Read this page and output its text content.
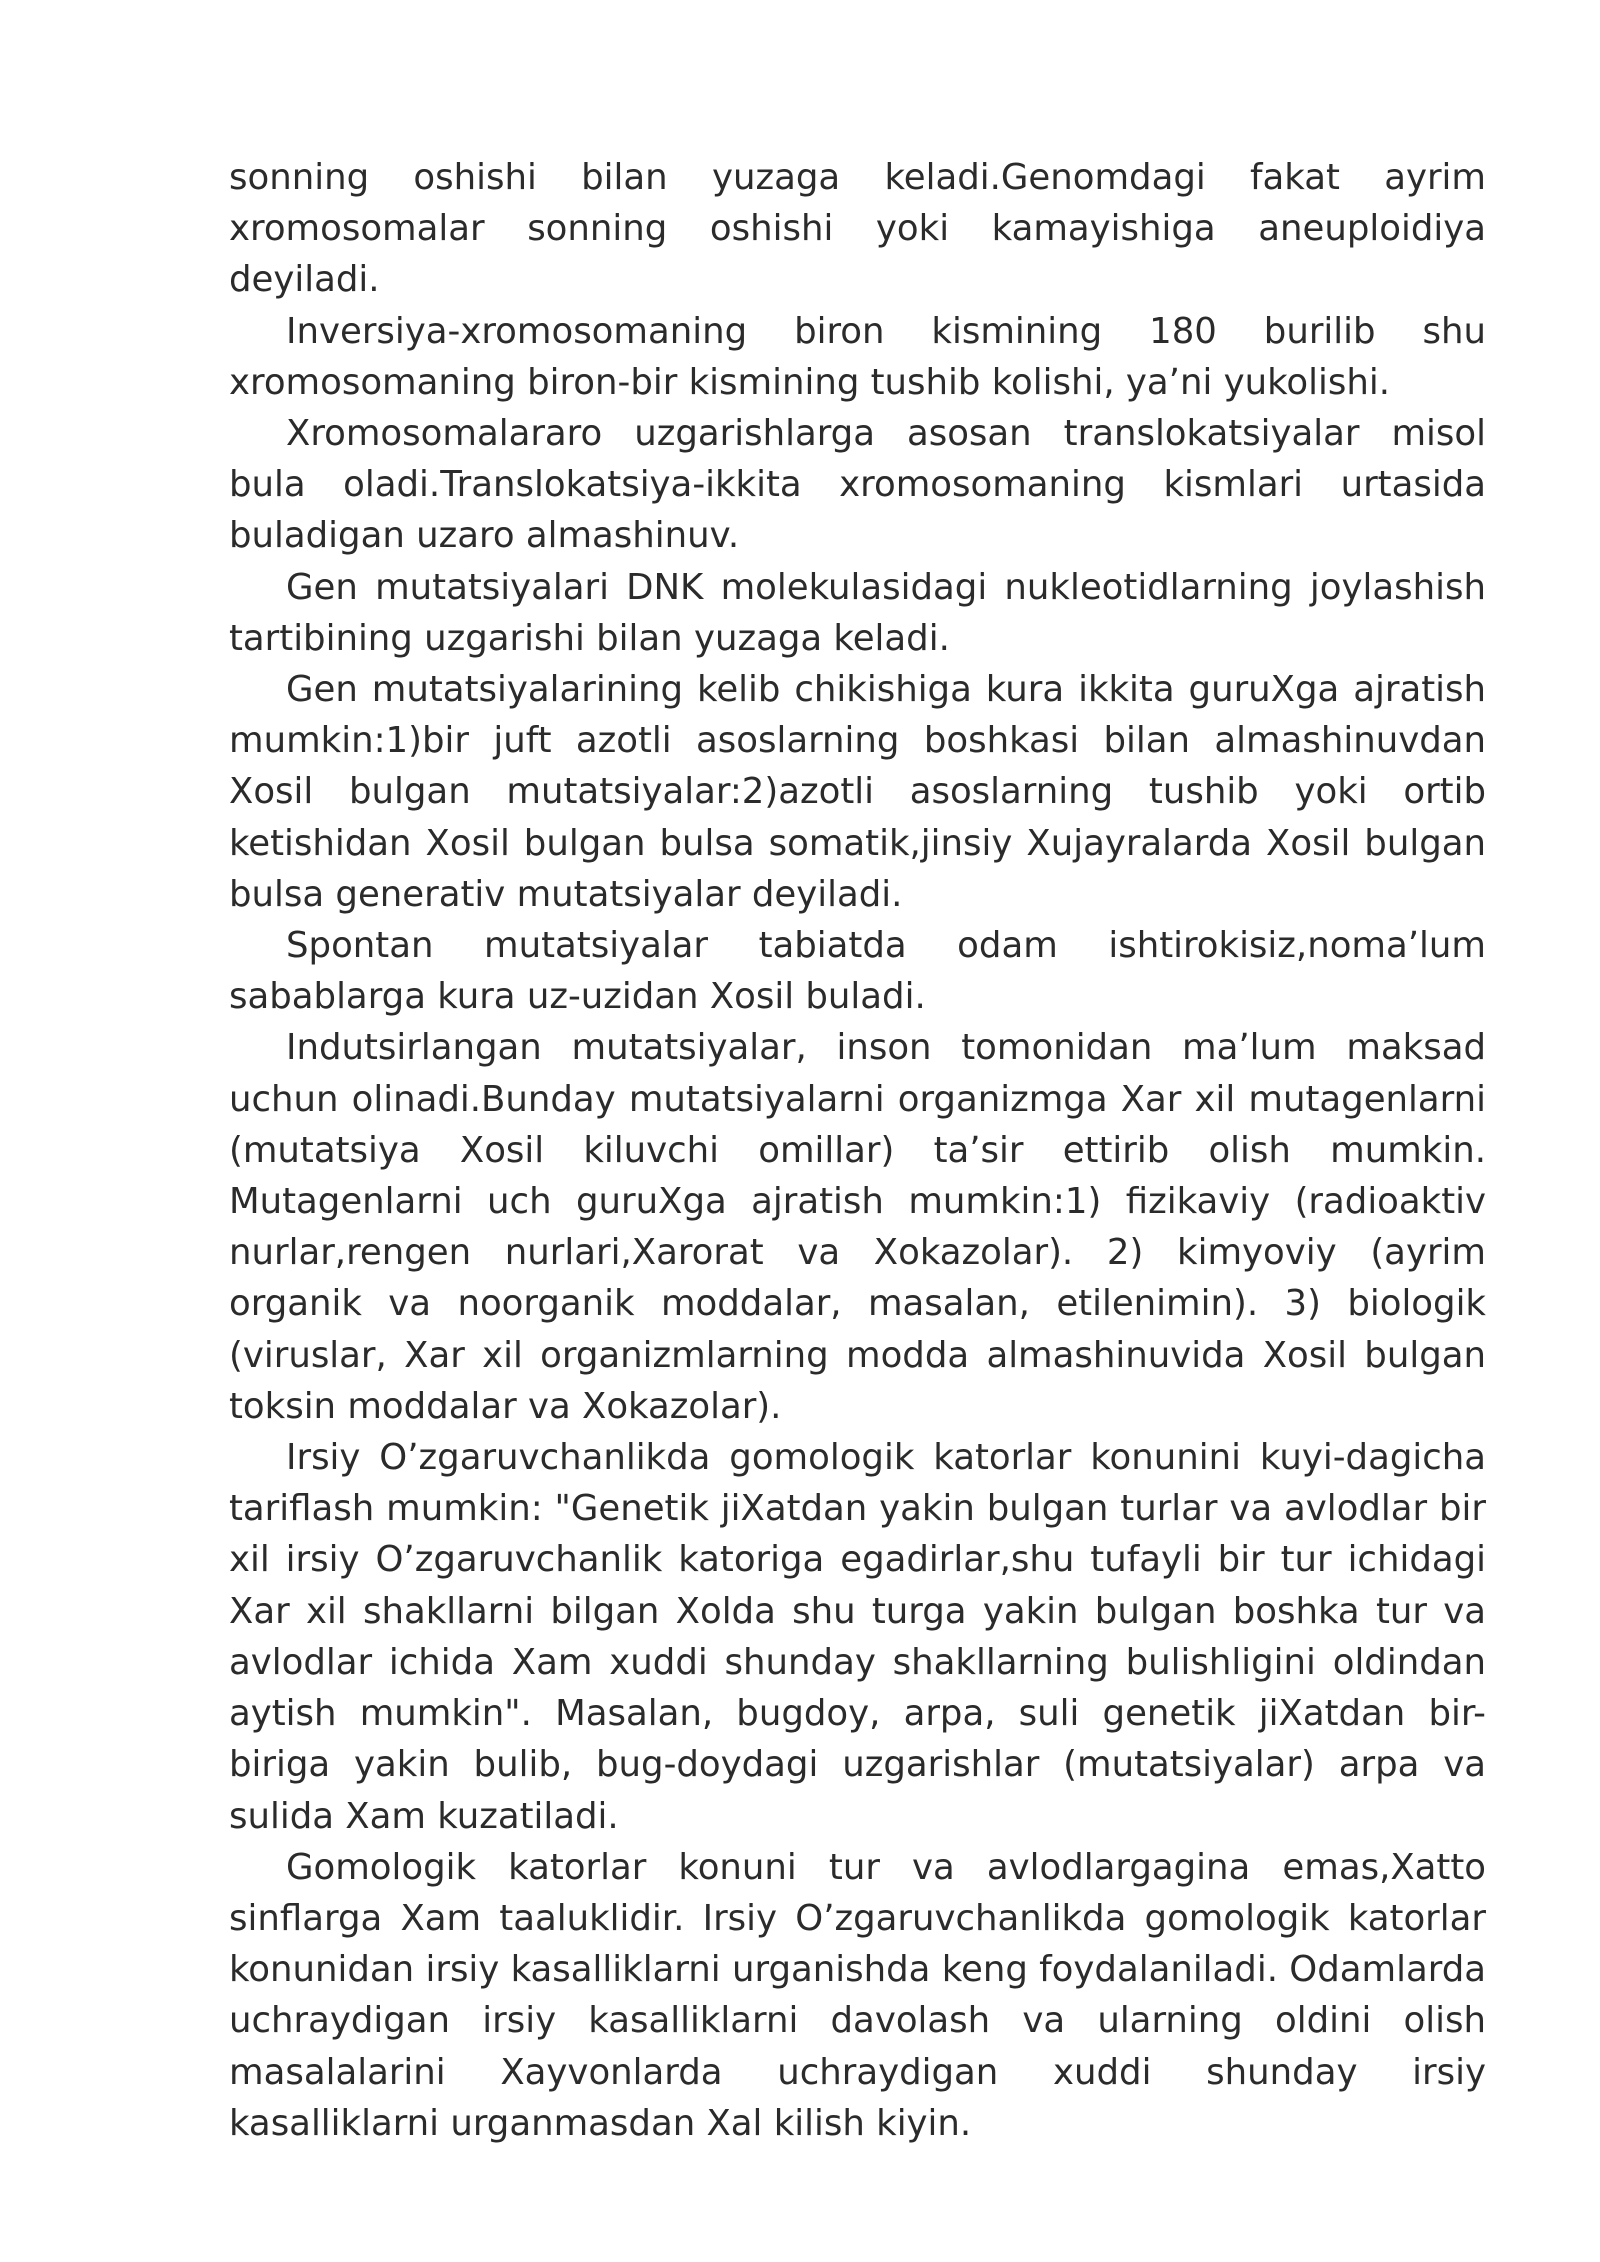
sonning oshishi bilan yuzaga keladi.Genomdagi fakat ayrim xromosomalar sonning oshishi yoki kamayishiga aneuploidiya deyiladi.

Inversiya-xromosomaning biron kismining 180 burilib shu xromosomaning biron-bir kismining tushib kolishi, ya’ni yukolishi.

Xromosomalararo uzgarishlarga asosan translokatsiyalar misol bula oladi.Translokatsiya-ikkita xromosomaning kismlari urtasida buladigan uzaro almashinuv.

Gen mutatsiyalari DNK molekulasidagi nukleotidlarning joylashish tartibining uzgarishi bilan yuzaga keladi.

Gen mutatsiyalarining kelib chikishiga kura ikkita guruXga ajratish mumkin:1)bir juft azotli asoslarning boshkasi bilan almashinuvdan Xosil bulgan mutatsiyalar:2)azotli asoslarning tushib yoki ortib ketishidan Xosil bulgan bulsa somatik,jinsiy Xujayralarda Xosil bulgan bulsa generativ mutatsiyalar deyiladi.

Spontan mutatsiyalar tabiatda odam ishtirokisiz,noma’lum sabablarga kura uz-uzidan Xosil buladi.

Indutsirlangan mutatsiyalar, inson tomonidan ma’lum maksad uchun olinadi.Bunday mutatsiyalarni organizmga Xar xil mutagenlarni (mutatsiya Xosil kiluvchi omillar) ta’sir ettirib olish mumkin. Mutagenlarni uch guruXga ajratish mumkin:1) fizikaviy (radioaktiv nurlar,rengen nurlari,Xarorat va Xokazolar). 2) kimyoviy (ayrim organik va noorganik moddalar, masalan, etilenimin). 3) biologik (viruslar, Xar xil organizmlarning modda almashinuvida Xosil bulgan toksin moddalar va Xokazolar).

Irsiy O’zgaruvchanlikda gomologik katorlar konunini kuyi-dagicha tariflash mumkin: "Genetik jiXatdan yakin bulgan turlar va avlodlar bir xil irsiy O’zgaruvchanlik katoriga egadirlar,shu tufayli bir tur ichidagi Xar xil shakllarni bilgan Xolda shu turga yakin bulgan boshka tur va avlodlar ichida Xam xuddi shunday shakllarning bulishligini oldindan aytish mumkin". Masalan, bugdoy, arpa, suli genetik jiXatdan bir-biriga yakin bulib, bug-doydagi uzgarishlar (mutatsiyalar) arpa va sulida Xam kuzatiladi.

Gomologik katorlar konuni tur va avlodlargagina emas,Xatto sinflarga Xam taaluklidir. Irsiy O’zgaruvchanlikda gomologik katorlar konunidan irsiy kasalliklarni urganishda keng foydalaniladi. Odamlarda uchraydigan irsiy kasalliklarni davolash va ularning oldini olish masalalarini Xayvonlarda uchraydigan xuddi shunday irsiy kasalliklarni urganmasdan Xal kilish kiyin.
